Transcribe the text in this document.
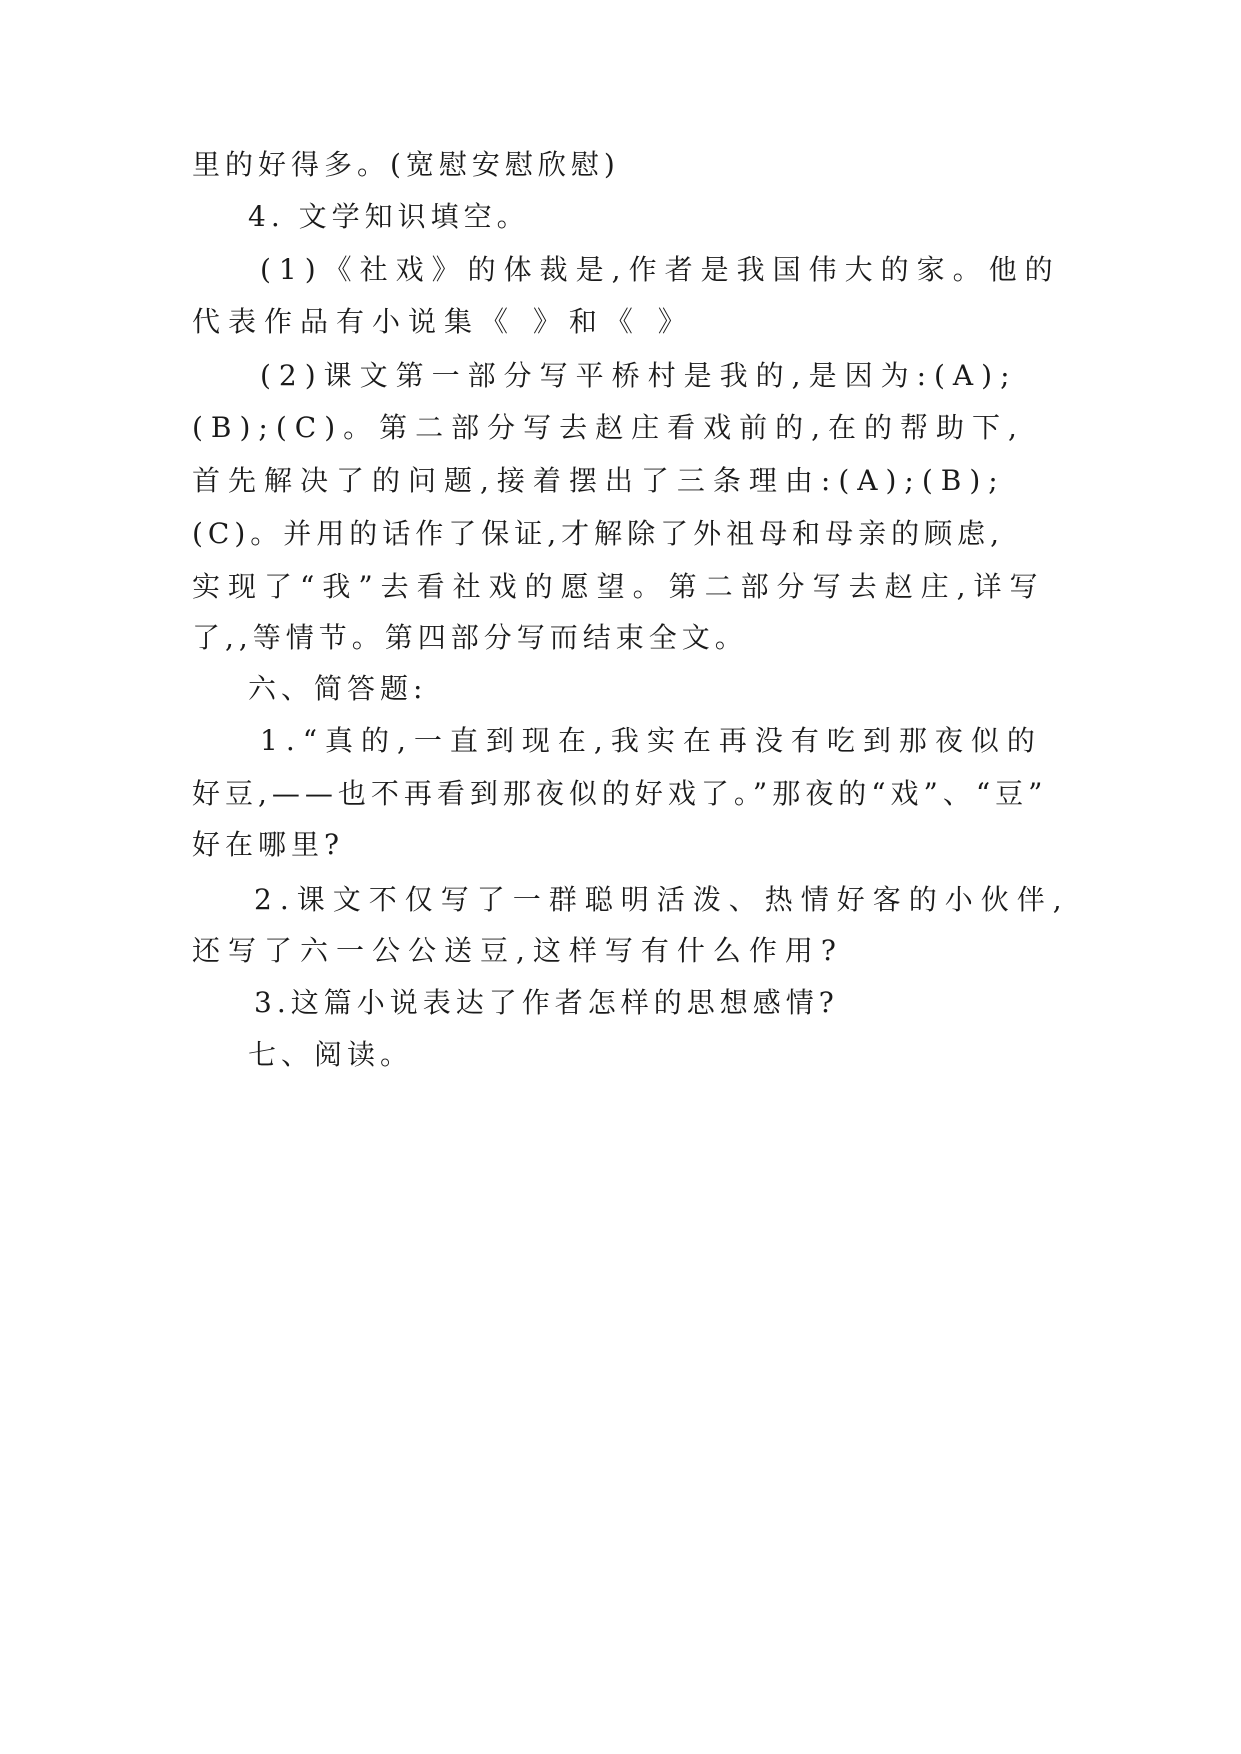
里的好得多。(宽慰安慰欣慰)
4. 文学知识填空。
(1)《社戏》的体裁是,作者是我国伟大的家。他的
代表作品有小说集《 》和《 》
(2)课文第一部分写平桥村是我的,是因为:(A);
(B);(C)。第二部分写去赵庄看戏前的,在的帮助下,
首先解决了的问题,接着摆出了三条理由:(A);(B);
(C)。并用的话作了保证,才解除了外祖母和母亲的顾虑,
实现了“我”去看社戏的愿望。第二部分写去赵庄,详写
了,,等情节。第四部分写而结束全文。
六、简答题:
1.“真的,一直到现在,我实在再没有吃到那夜似的
好豆,——也不再看到那夜似的好戏了。”那夜的“戏”、“豆”
好在哪里?
2.课文不仅写了一群聪明活泼、热情好客的小伙伴,
还写了六一公公送豆,这样写有什么作用?
3.这篇小说表达了作者怎样的思想感情?
七、阅读。
